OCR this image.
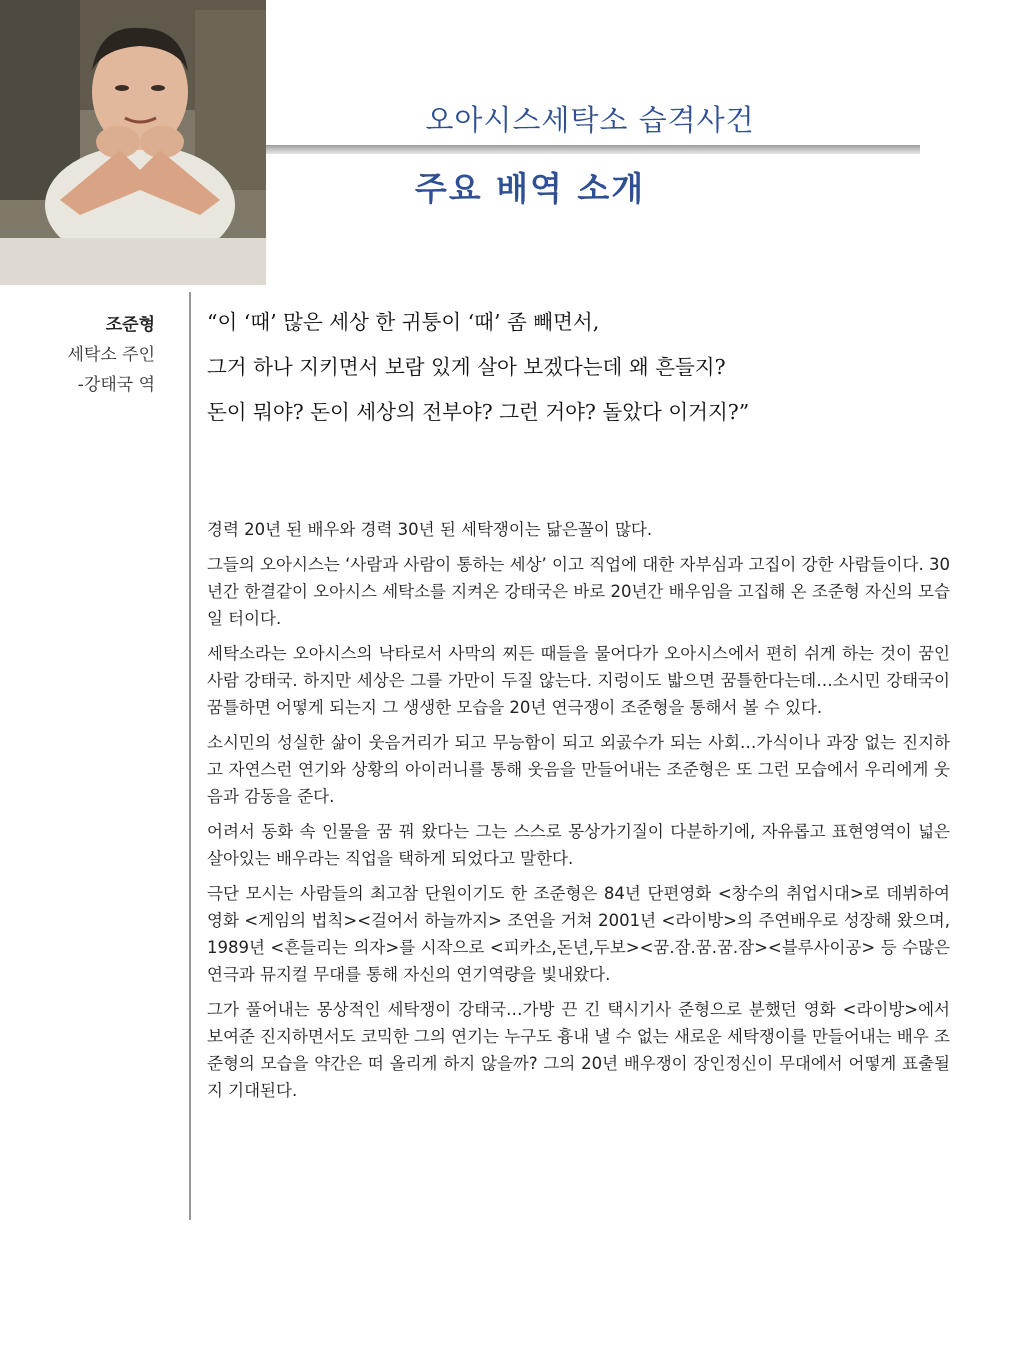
오아시스세탁소 습격사건
주요 배역 소개
조준형
세탁소 주인
-강태국 역
“이 ‘때’ 많은 세상 한 귀퉁이 ‘때’ 좀 빼면서,
그거 하나 지키면서 보람 있게 살아 보겠다는데 왜 흔들지?
돈이 뭐야? 돈이 세상의 전부야? 그런 거야? 돌았다 이거지?”

경력 20년 된 배우와 경력 30년 된 세탁쟁이는 닮은꼴이 많다.

그들의 오아시스는 ‘사람과 사람이 통하는 세상’ 이고 직업에 대한 자부심과 고집이 강한 사람들이다. 30년간 한결같이 오아시스 세탁소를 지켜온 강태국은 바로 20년간 배우임을 고집해 온 조준형 자신의 모습일 터이다.

세탁소라는 오아시스의 낙타로서 사막의 찌든 때들을 물어다가 오아시스에서 편히 쉬게 하는 것이 꿈인 사람 강태국. 하지만 세상은 그를 가만이 두질 않는다. 지렁이도 밟으면 꿈틀한다는데…소시민 강태국이 꿈틀하면 어떻게 되는지 그 생생한 모습을 20년 연극쟁이 조준형을 통해서 볼 수 있다.

소시민의 성실한 삶이 웃음거리가 되고 무능함이 되고 외곬수가 되는 사회…가식이나 과장 없는 진지하고 자연스런 연기와 상황의 아이러니를 통해 웃음을 만들어내는 조준형은 또 그런 모습에서 우리에게 웃음과 감동을 준다.

어려서 동화 속 인물을 꿈 꿔 왔다는 그는 스스로 몽상가기질이 다분하기에, 자유롭고 표현영역이 넓은 살아있는 배우라는 직업을 택하게 되었다고 말한다.

극단 모시는 사람들의 최고참 단원이기도 한 조준형은 84년 단편영화 <창수의 취업시대>로 데뷔하여 영화 <게임의 법칙><걸어서 하늘까지> 조연을 거쳐 2001년 <라이방>의 주연배우로 성장해 왔으며, 1989년 <흔들리는 의자>를 시작으로 <피카소,돈년,두보><꿈.잠.꿈.꿈.잠><블루사이공> 등 수많은 연극과 뮤지컬 무대를 통해 자신의 연기역량을 빛내왔다.

그가 풀어내는 몽상적인 세탁쟁이 강태국…가방 끈 긴 택시기사 준형으로 분했던 영화 <라이방>에서 보여준 진지하면서도 코믹한 그의 연기는 누구도 흉내 낼 수 없는 새로운 세탁쟁이를 만들어내는 배우 조준형의 모습을 약간은 떠 올리게 하지 않을까? 그의 20년 배우쟁이 장인정신이 무대에서 어떻게 표출될지 기대된다.
